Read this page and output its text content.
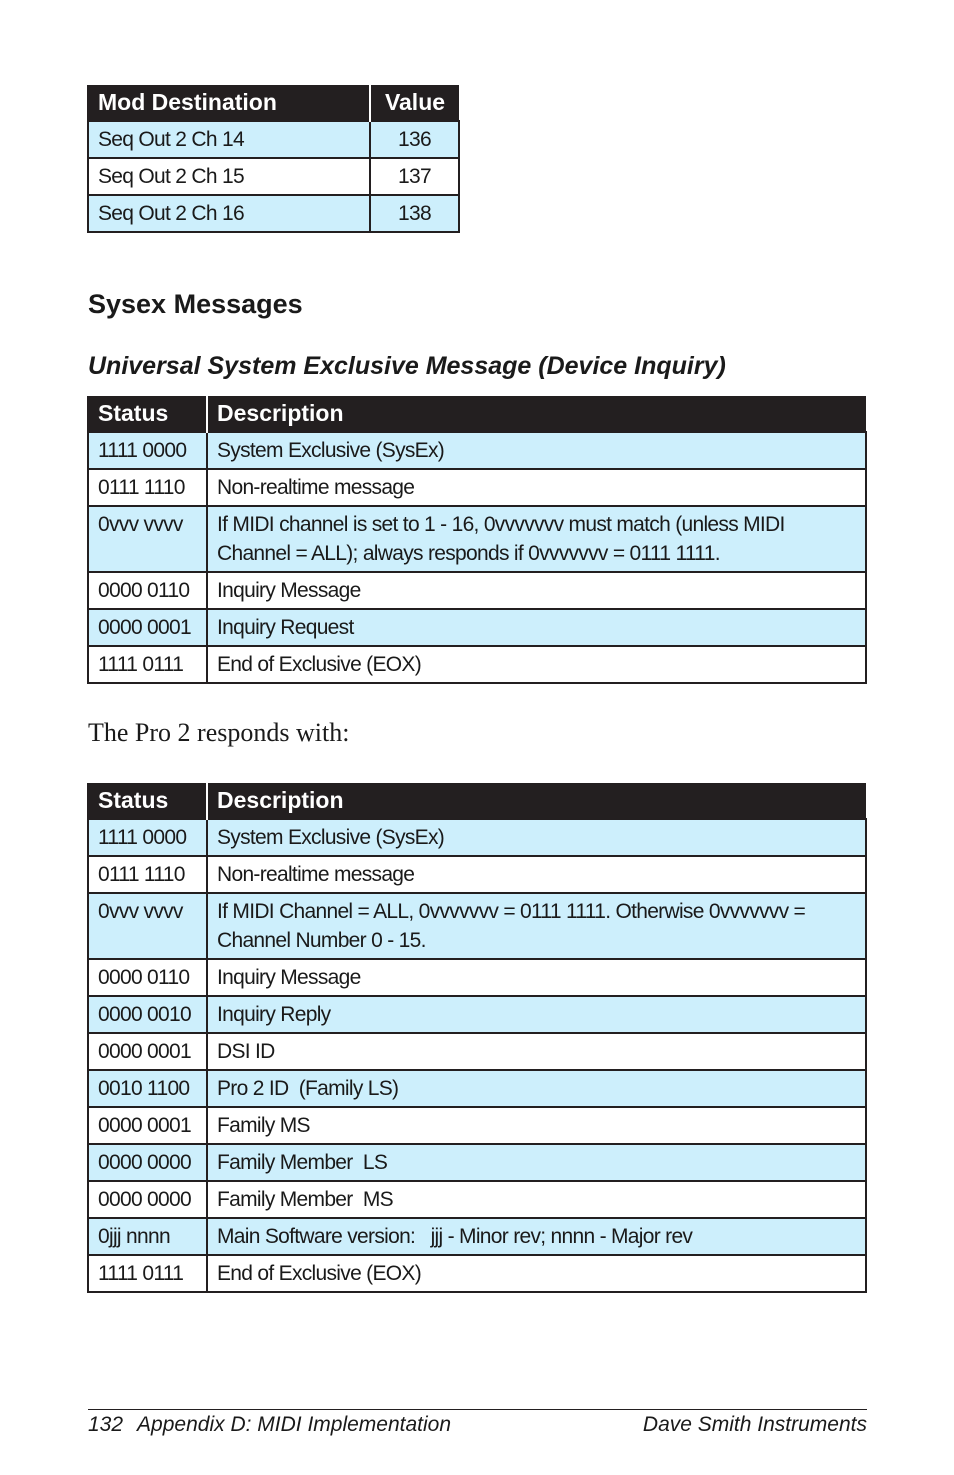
Mod Destination	Value
Seq Out 2 Ch 14	136
Seq Out 2 Ch 15	137
Seq Out 2 Ch 16	138
Sysex Messages
Universal System Exclusive Message (Device Inquiry)
Status	Description
1111 0000	System Exclusive (SysEx)
0111 1110	Non-realtime message
0vvv vvvv	If MIDI channel is set to 1 - 16, 0vvvvvvv must match (unless MIDI Channel = ALL); always responds if 0vvvvvvv = 0111 1111.
0000 0110	Inquiry Message
0000 0001	Inquiry Request
1111 0111	End of Exclusive (EOX)

The Pro 2 responds with:

Status	Description
1111 0000	System Exclusive (SysEx)
0111 1110	Non-realtime message
0vvv vvvv	If MIDI Channel = ALL, 0vvvvvvv = 0111 1111. Otherwise 0vvvvvvv = Channel Number 0 - 15.
0000 0110	Inquiry Message
0000 0010	Inquiry Reply
0000 0001	DSI ID
0010 1100	Pro 2 ID  (Family LS)
0000 0001	Family MS
0000 0000	Family Member  LS
0000 0000	Family Member  MS
0jjj nnnn	Main Software version:   jjj - Minor rev; nnnn - Major rev
1111 0111	End of Exclusive (EOX)
132 Appendix D: MIDI Implementation	Dave Smith Instruments
